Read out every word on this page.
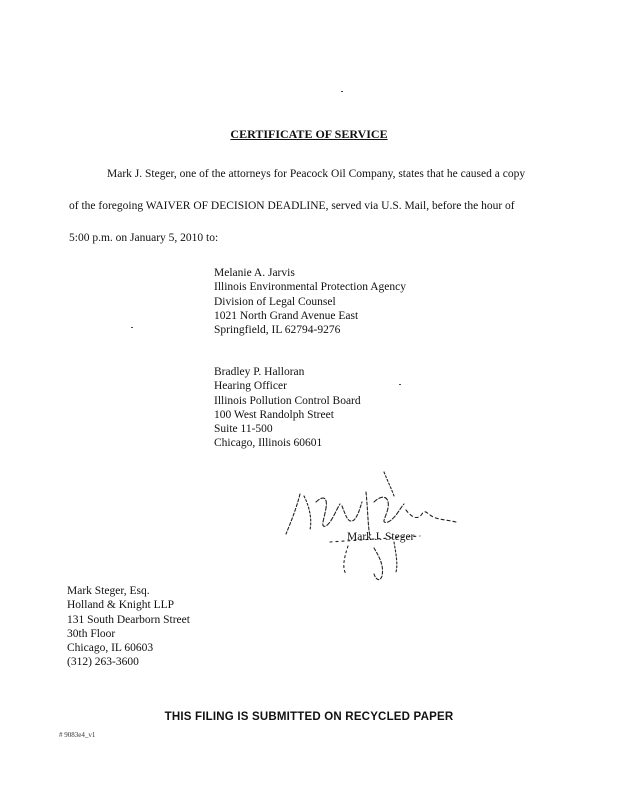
CERTIFICATE OF SERVICE
Mark J. Steger, one of the attorneys for Peacock Oil Company, states that he caused a copy
of the foregoing WAIVER OF DECISION DEADLINE, served via U.S. Mail, before the hour of
5:00 p.m. on January 5, 2010 to:
Melanie A. Jarvis
Illinois Environmental Protection Agency
Division of Legal Counsel
1021 North Grand Avenue East
Springfield, IL 62794-9276
Bradley P. Halloran
Hearing Officer
Illinois Pollution Control Board
100 West Randolph Street
Suite 11-500
Chicago, Illinois 60601
Mark J. Steger
Mark Steger, Esq.
Holland & Knight LLP
131 South Dearborn Street
30th Floor
Chicago, IL 60603
(312) 263-3600
THIS FILING IS SUBMITTED ON RECYCLED PAPER
# 9083e4_v1
